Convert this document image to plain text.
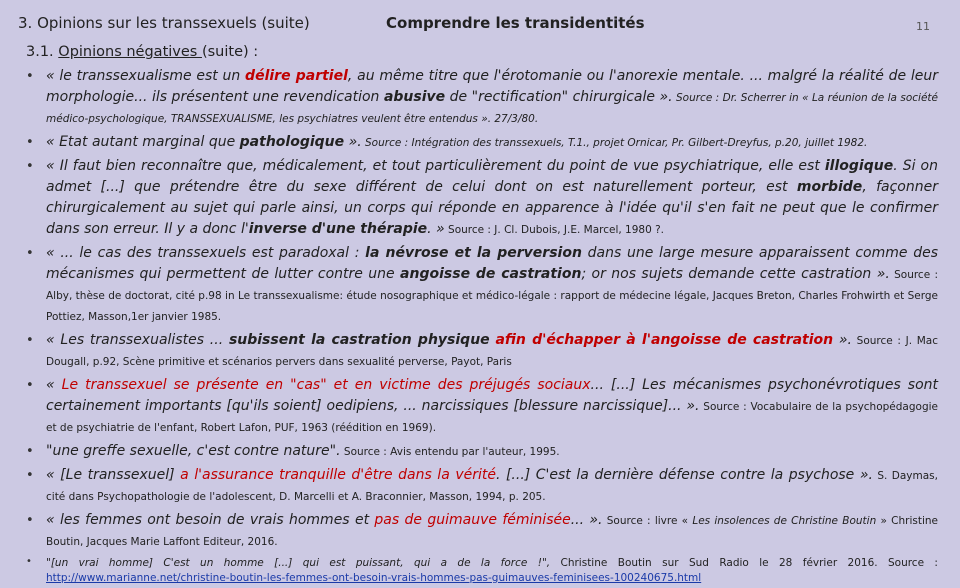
3. Opinions sur les transsexuels (suite)	Comprendre les transidentités	11
3.1. Opinions négatives (suite) :
• « le transsexualisme est un délire partiel, au même titre que l'érotomanie ou l'anorexie mentale. ... malgré la réalité de leur morphologie... ils présentent une revendication abusive de "rectification" chirurgicale ». Source : Dr. Scherrer in « La réunion de la société médico-psychologique, TRANSSEXUALISME, les psychiatres veulent être entendus ». 27/3/80.
• « Etat autant marginal que pathologique ». Source : Intégration des transsexuels, T.1., projet Ornicar, Pr. Gilbert-Dreyfus, p.20, juillet 1982.
• « Il faut bien reconnaître que, médicalement, et tout particulièrement du point de vue psychiatrique, elle est illogique. Si on admet [...] que prétendre être du sexe différent de celui dont on est naturellement porteur, est morbide, façonner chirurgicalement au sujet qui parle ainsi, un corps qui réponde en apparence à l'idée qu'il s'en fait ne peut que le confirmer dans son erreur. Il y a donc l'inverse d'une thérapie. » Source : J. Cl. Dubois, J.E. Marcel, 1980 ?.
• « ... le cas des transsexuels est paradoxal : la névrose et la perversion dans une large mesure apparaissent comme des mécanismes qui permettent de lutter contre une angoisse de castration; or nos sujets demande cette castration ». Source : Alby, thèse de doctorat, cité p.98 in Le transsexualisme: étude nosographique et médico-légale : rapport de médecine légale, Jacques Breton, Charles Frohwirth et Serge Pottiez, Masson,1er janvier 1985.
• « Les transsexualistes ... subissent la castration physique afin d'échapper à l'angoisse de castration ». Source : J. Mac Dougall, p.92, Scène primitive et scénarios pervers dans sexualité perverse, Payot, Paris
• « Le transsexuel se présente en "cas" et en victime des préjugés sociaux... [...] Les mécanismes psychonévrotiques sont certainement importants [qu'ils soient] oedipiens, ... narcissiques [blessure narcissique]... ». Source : Vocabulaire de la psychopédagogie et de psychiatrie de l'enfant, Robert Lafon, PUF, 1963 (réédition en 1969).
• "une greffe sexuelle, c'est contre nature". Source : Avis entendu par l'auteur, 1995.
• « [Le transsexuel] a l'assurance tranquille d'être dans la vérité. [...] C'est la dernière défense contre la psychose ». S. Daymas, cité dans Psychopathologie de l'adolescent, D. Marcelli et A. Braconnier, Masson, 1994, p. 205.
• « les femmes ont besoin de vrais hommes et pas de guimauve féminisée... ». Source : livre « Les insolences de Christine Boutin » Christine Boutin, Jacques Marie Laffont Editeur, 2016.
• "[un vrai homme] C'est un homme [...] qui est puissant, qui a de la force !", Christine Boutin sur Sud Radio le 28 février 2016. Source : http://www.marianne.net/christine-boutin-les-femmes-ont-besoin-vrais-hommes-pas-guimauves-feminisees-100240675.html
